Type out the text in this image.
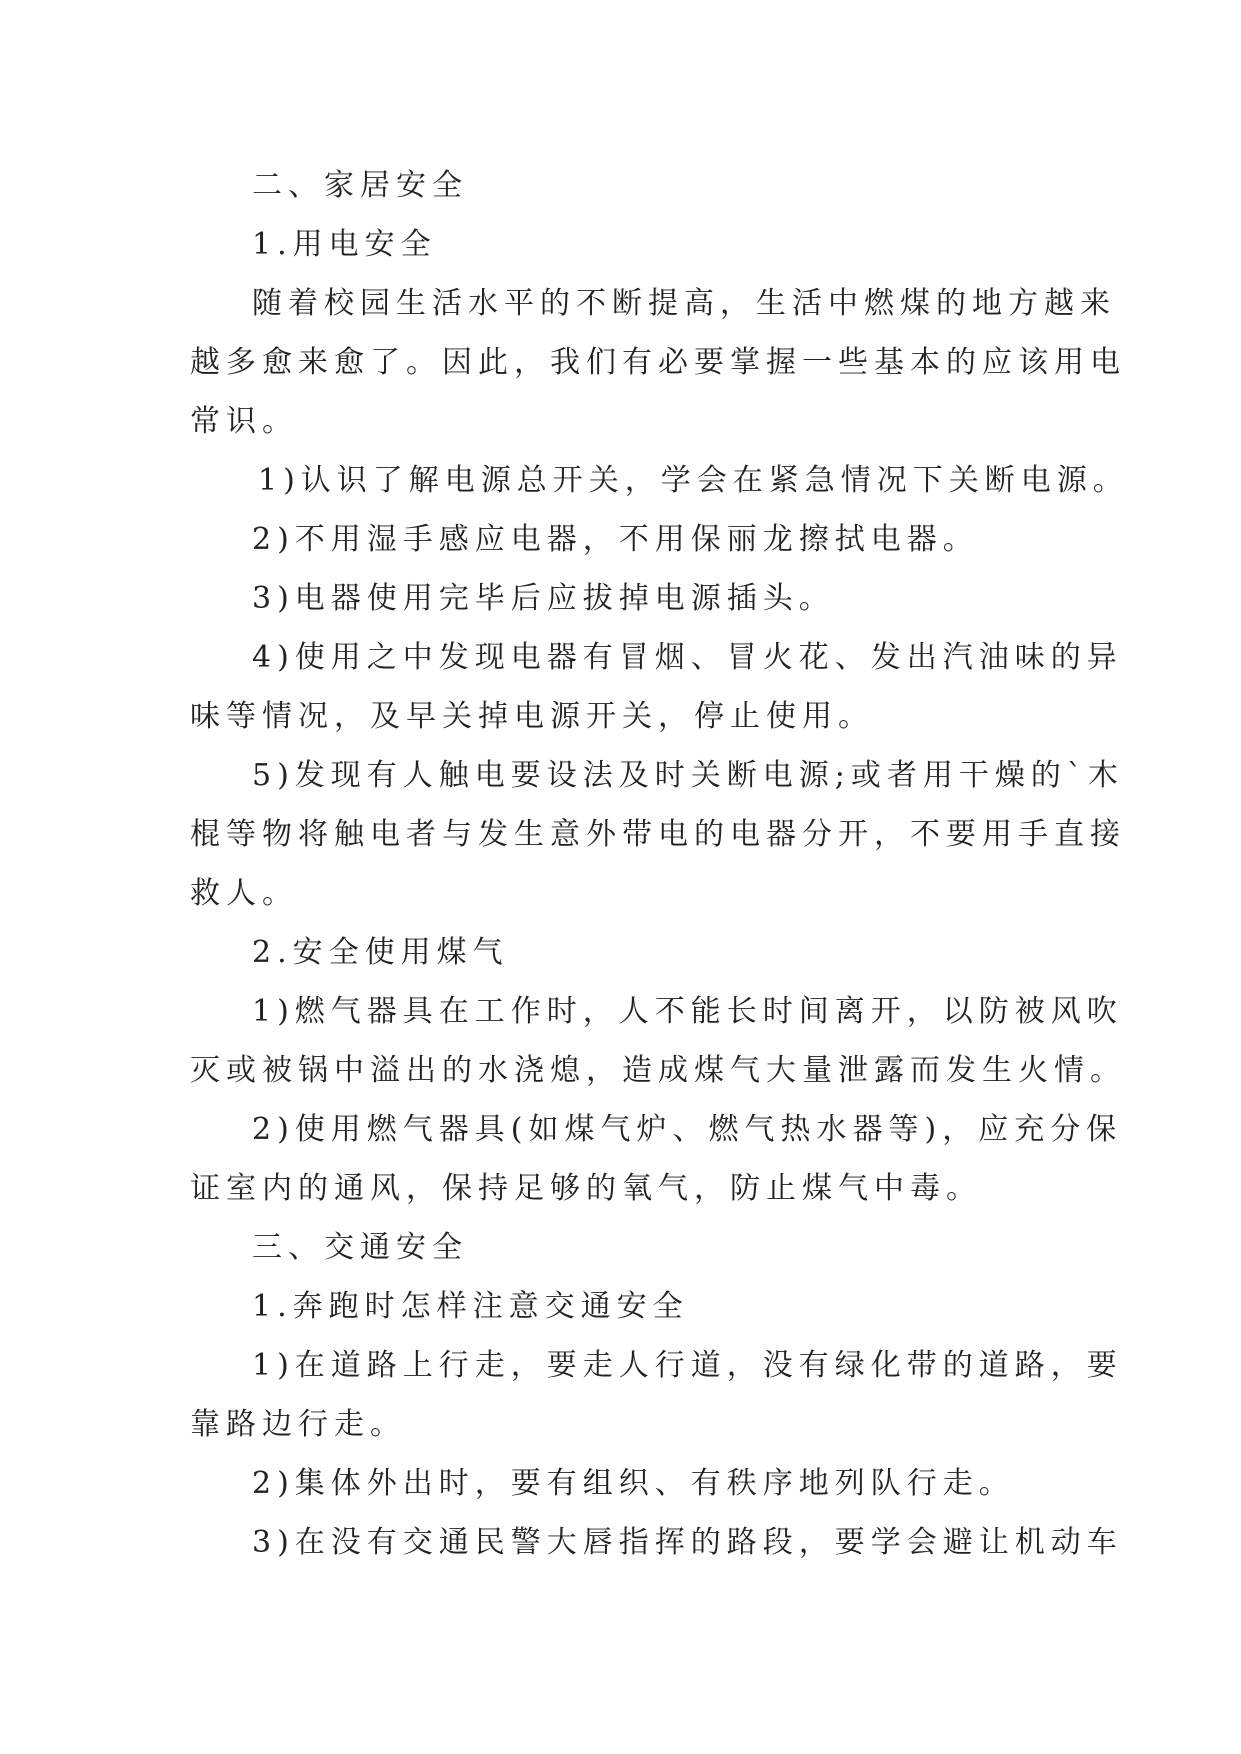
二、家居安全

1.用电安全

随着校园生活水平的不断提高，生活中燃煤的地方越来

越多愈来愈了。因此，我们有必要掌握一些基本的应该用电

常识。

1)认识了解电源总开关，学会在紧急情况下关断电源。

2)不用湿手感应电器，不用保丽龙擦拭电器。

3)电器使用完毕后应拔掉电源插头。

4)使用之中发现电器有冒烟、冒火花、发出汽油味的异

味等情况，及早关掉电源开关，停止使用。

5)发现有人触电要设法及时关断电源;或者用干燥的`木

棍等物将触电者与发生意外带电的电器分开，不要用手直接

救人。

2.安全使用煤气

1)燃气器具在工作时，人不能长时间离开，以防被风吹

灭或被锅中溢出的水浇熄，造成煤气大量泄露而发生火情。

2)使用燃气器具(如煤气炉、燃气热水器等)，应充分保

证室内的通风，保持足够的氧气，防止煤气中毒。

三、交通安全

1.奔跑时怎样注意交通安全

1)在道路上行走，要走人行道，没有绿化带的道路，要

靠路边行走。

2)集体外出时，要有组织、有秩序地列队行走。

3)在没有交通民警大唇指挥的路段，要学会避让机动车
